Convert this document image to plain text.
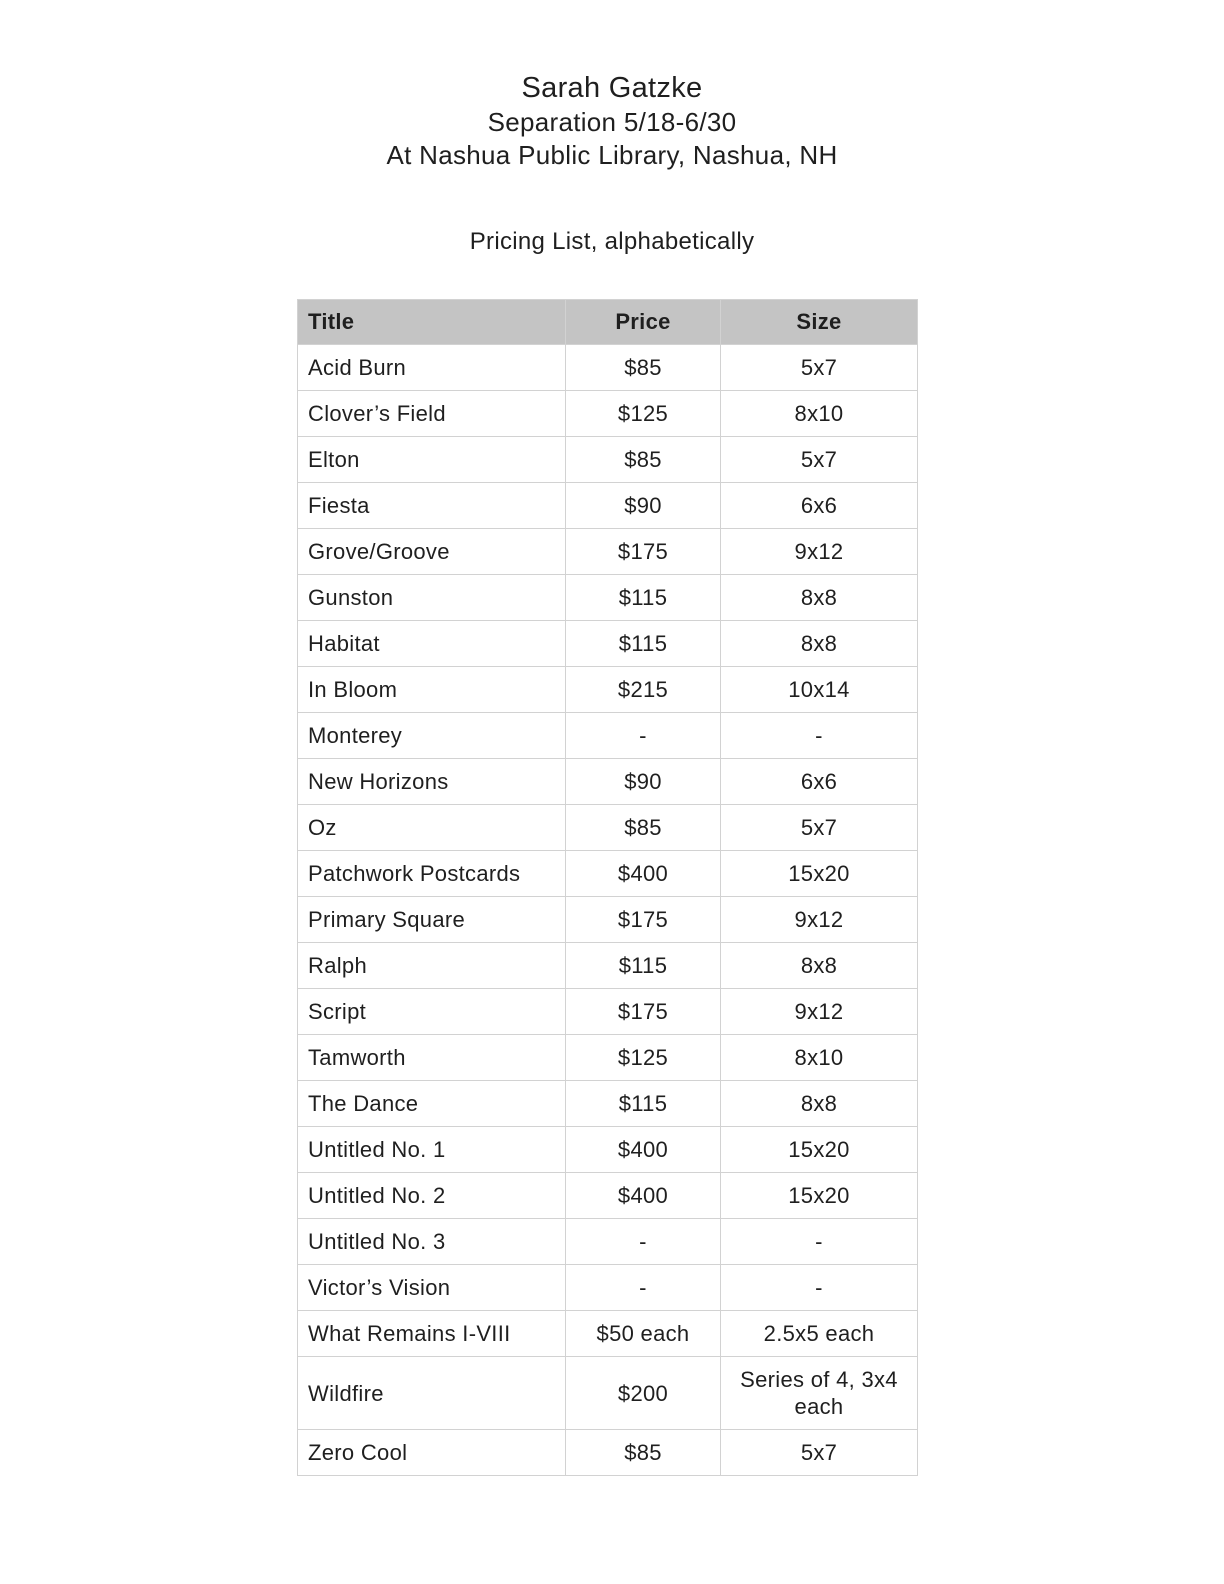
Sarah Gatzke
Separation 5/18-6/30
At Nashua Public Library, Nashua, NH
Pricing List, alphabetically
Title	Price	Size
Acid Burn	$85	5x7
Clover’s Field	$125	8x10
Elton	$85	5x7
Fiesta	$90	6x6
Grove/Groove	$175	9x12
Gunston	$115	8x8
Habitat	$115	8x8
In Bloom	$215	10x14
Monterey	-	-
New Horizons	$90	6x6
Oz	$85	5x7
Patchwork Postcards	$400	15x20
Primary Square	$175	9x12
Ralph	$115	8x8
Script	$175	9x12
Tamworth	$125	8x10
The Dance	$115	8x8
Untitled No. 1	$400	15x20
Untitled No. 2	$400	15x20
Untitled No. 3	-	-
Victor’s Vision	-	-
What Remains I-VIII	$50 each	2.5x5 each
Wildfire	$200	Series of 4, 3x4 each
Zero Cool	$85	5x7
